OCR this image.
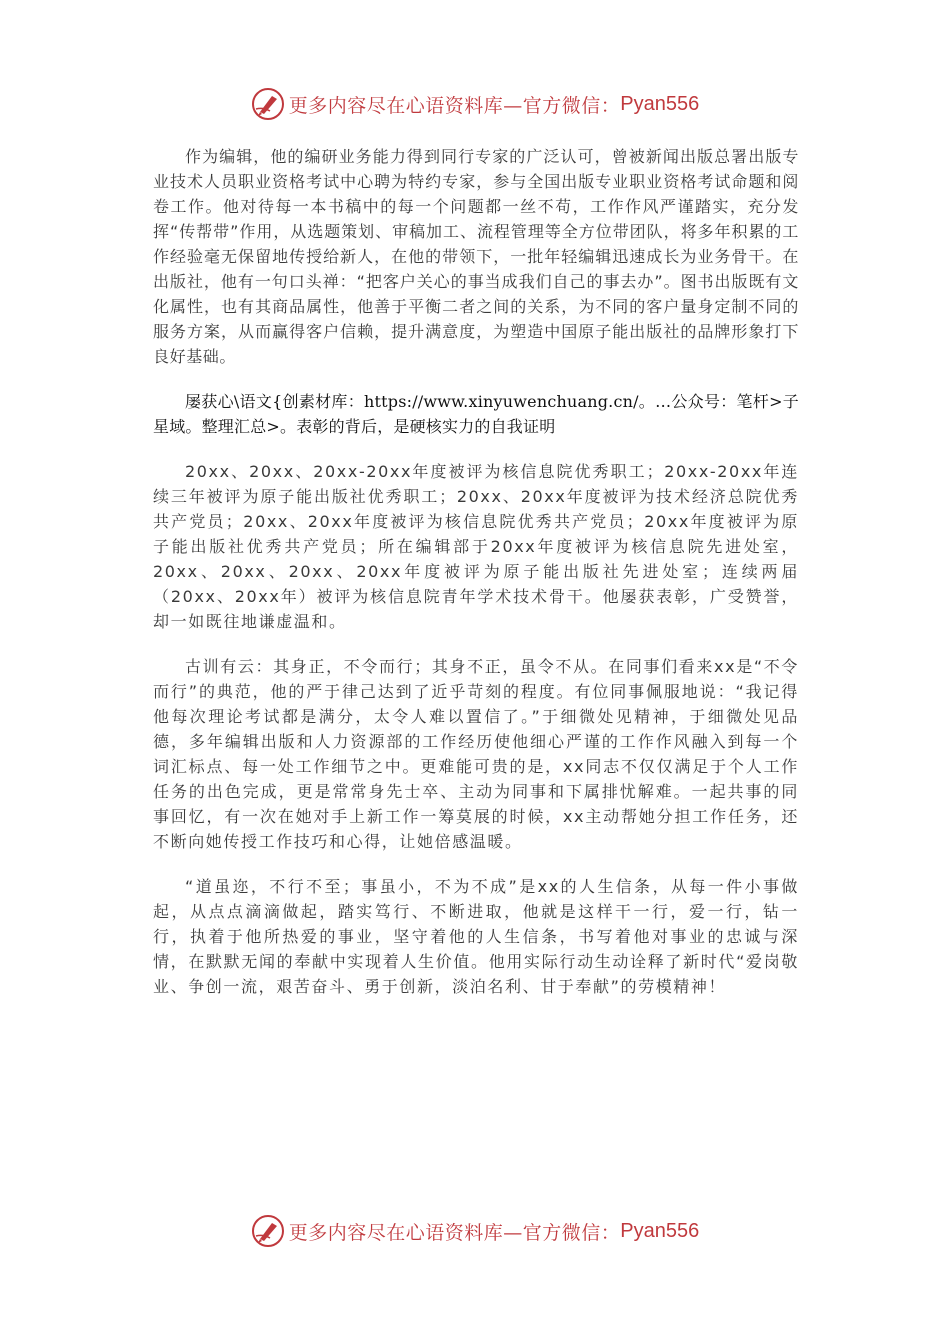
更多内容尽在心语资料库—官方微信： Pyan556

作为编辑，他的编研业务能力得到同行专家的广泛认可，曾被新闻出版总署出版专业技术人员职业资格考试中心聘为特约专家，参与全国出版专业职业资格考试命题和阅卷工作。他对待每一本书稿中的每一个问题都一丝不苟，工作作风严谨踏实，充分发挥“传帮带”作用，从选题策划、审稿加工、流程管理等全方位带团队，将多年积累的工作经验毫无保留地传授给新人，在他的带领下，一批年轻编辑迅速成长为业务骨干。在出版社，他有一句口头禅：“把客户关心的事当成我们自己的事去办”。图书出版既有文化属性，也有其商品属性，他善于平衡二者之间的关系，为不同的客户量身定制不同的服务方案，从而赢得客户信赖，提升满意度，为塑造中国原子能出版社的品牌形象打下良好基础。

屡获心\语文{创素材库：https://www.xinyuwenchuang.cn/。…公众号：笔杆>子星域。整理汇总>。表彰的背后，是硬核实力的自我证明

20xx、20xx、20xx-20xx年度被评为核信息院优秀职工；20xx-20xx年连续三年被评为原子能出版社优秀职工；20xx、20xx年度被评为技术经济总院优秀共产党员；20xx、20xx年度被评为核信息院优秀共产党员；20xx年度被评为原子能出版社优秀共产党员；所在编辑部于20xx年度被评为核信息院先进处室，20xx、20xx、20xx、20xx年度被评为原子能出版社先进处室；连续两届（20xx、20xx年）被评为核信息院青年学术技术骨干。他屡获表彰，广受赞誉，却一如既往地谦虚温和。

古训有云：其身正，不令而行；其身不正，虽令不从。在同事们看来xx是“不令而行”的典范，他的严于律己达到了近乎苛刻的程度。有位同事佩服地说：“我记得他每次理论考试都是满分，太令人难以置信了。”于细微处见精神，于细微处见品德，多年编辑出版和人力资源部的工作经历使他细心严谨的工作作风融入到每一个词汇标点、每一处工作细节之中。更难能可贵的是，xx同志不仅仅满足于个人工作任务的出色完成，更是常常身先士卒、主动为同事和下属排忧解难。一起共事的同事回忆，有一次在她对手上新工作一筹莫展的时候，xx主动帮她分担工作任务，还不断向她传授工作技巧和心得，让她倍感温暖。

“道虽迩，不行不至；事虽小，不为不成”是xx的人生信条，从每一件小事做起，从点点滴滴做起，踏实笃行、不断进取，他就是这样干一行，爱一行，钻一行，执着于他所热爱的事业，坚守着他的人生信条，书写着他对事业的忠诚与深情，在默默无闻的奉献中实现着人生价值。他用实际行动生动诠释了新时代“爱岗敬业、争创一流，艰苦奋斗、勇于创新，淡泊名利、甘于奉献”的劳模精神！

更多内容尽在心语资料库—官方微信： Pyan556
